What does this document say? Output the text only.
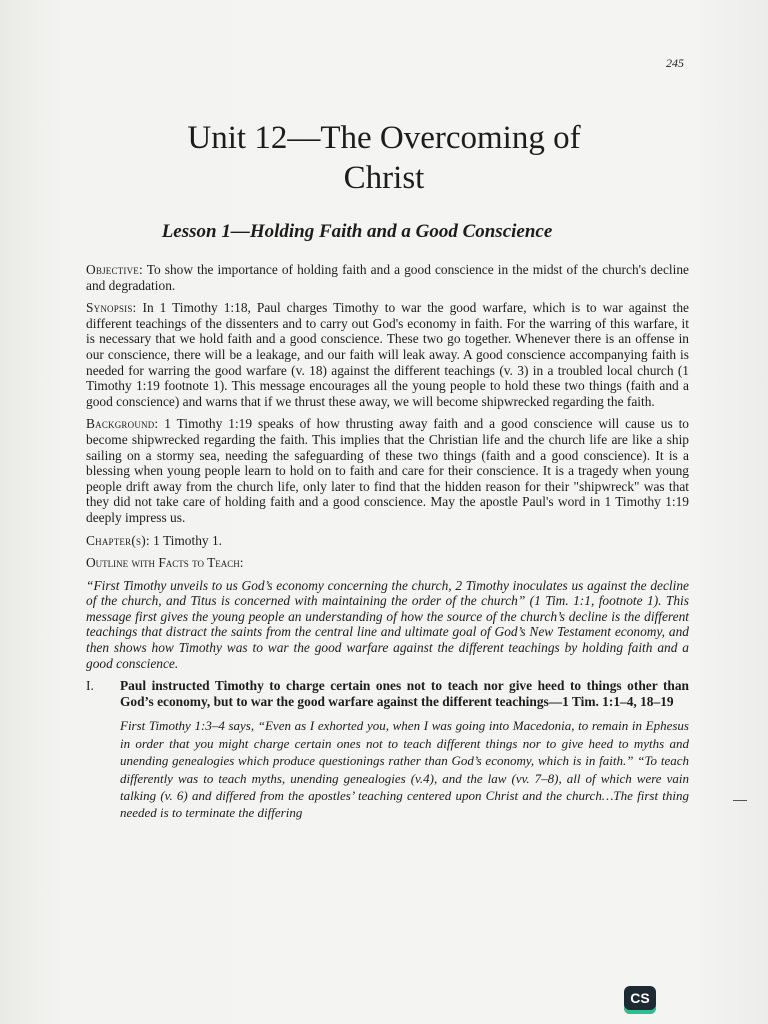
245
Unit 12—The Overcoming of
Christ
Lesson 1—Holding Faith and a Good Conscience

Objective: To show the importance of holding faith and a good conscience in the midst of the church's decline and degradation.

Synopsis: In 1 Timothy 1:18, Paul charges Timothy to war the good warfare, which is to war against the different teachings of the dissenters and to carry out God's economy in faith. For the warring of this warfare, it is necessary that we hold faith and a good conscience. These two go together. Whenever there is an offense in our conscience, there will be a leakage, and our faith will leak away. A good conscience accompanying faith is needed for warring the good warfare (v. 18) against the different teachings (v. 3) in a troubled local church (1 Timothy 1:19 footnote 1). This message encourages all the young people to hold these two things (faith and a good conscience) and warns that if we thrust these away, we will become shipwrecked regarding the faith.

Background: 1 Timothy 1:19 speaks of how thrusting away faith and a good conscience will cause us to become shipwrecked regarding the faith. This implies that the Christian life and the church life are like a ship sailing on a stormy sea, needing the safeguarding of these two things (faith and a good conscience). It is a blessing when young people learn to hold on to faith and care for their conscience. It is a tragedy when young people drift away from the church life, only later to find that the hidden reason for their "shipwreck" was that they did not take care of holding faith and a good conscience. May the apostle Paul's word in 1 Timothy 1:19 deeply impress us.

Chapter(s): 1 Timothy 1.

Outline with Facts to Teach:

“First Timothy unveils to us God’s economy concerning the church, 2 Timothy inoculates us against the decline of the church, and Titus is concerned with maintaining the order of the church” (1 Tim. 1:1, footnote 1). This message first gives the young people an understanding of how the source of the church’s decline is the different teachings that distract the saints from the central line and ultimate goal of God’s New Testament economy, and then shows how Timothy was to war the good warfare against the different teachings by holding faith and a good conscience.

I.	Paul instructed Timothy to charge certain ones not to teach nor give heed to things other than God’s economy, but to war the good warfare against the different teachings—1 Tim. 1:1–4, 18–19

First Timothy 1:3–4 says, “Even as I exhorted you, when I was going into Macedonia, to remain in Ephesus in order that you might charge certain ones not to teach different things nor to give heed to myths and unending genealogies which produce questionings rather than God’s economy, which is in faith.” “To teach differently was to teach myths, unending genealogies (v.4), and the law (vv. 7–8), all of which were vain talking (v. 6) and differed from the apostles’ teaching centered upon Christ and the church…The first thing needed is to terminate the differing

CS
